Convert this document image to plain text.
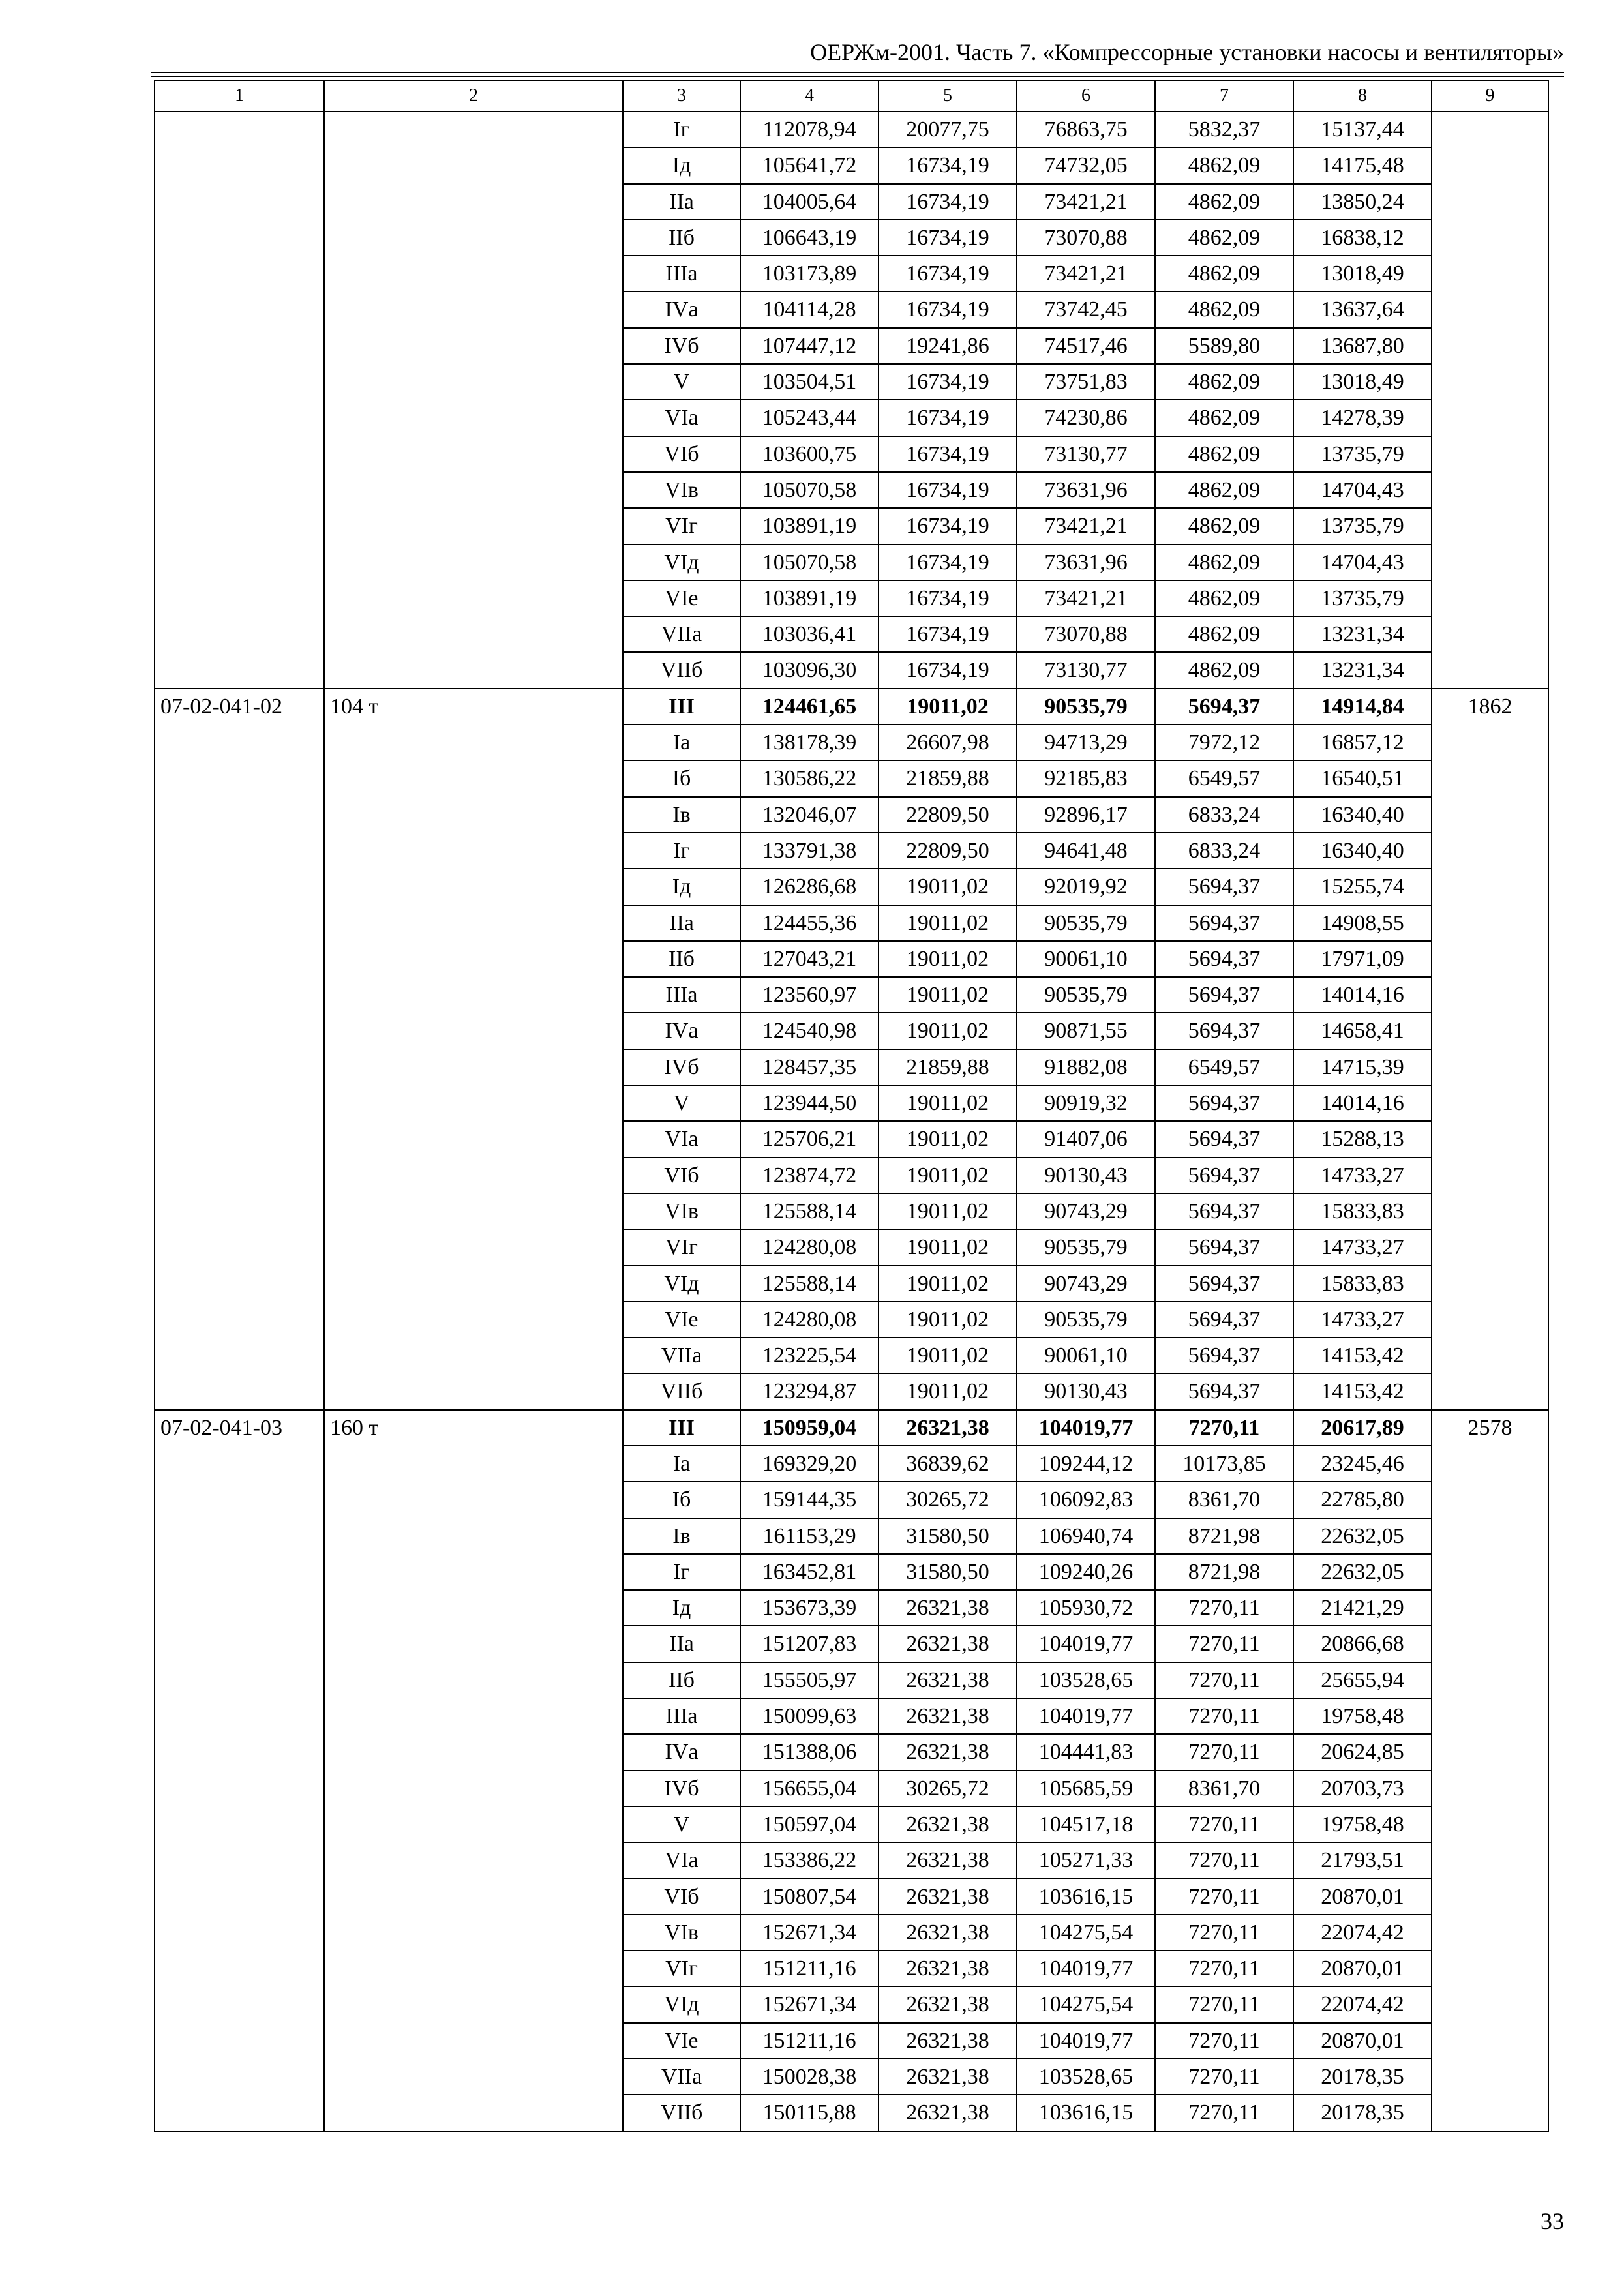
ОЕРЖм-2001. Часть 7. «Компрессорные установки насосы и вентиляторы»
1	2	3	4	5	6	7	8	9
		Iг	112078,94	20077,75	76863,75	5832,37	15137,44	
		Iд	105641,72	16734,19	74732,05	4862,09	14175,48	
		IIа	104005,64	16734,19	73421,21	4862,09	13850,24	
		IIб	106643,19	16734,19	73070,88	4862,09	16838,12	
		IIIа	103173,89	16734,19	73421,21	4862,09	13018,49	
		IVа	104114,28	16734,19	73742,45	4862,09	13637,64	
		IVб	107447,12	19241,86	74517,46	5589,80	13687,80	
		V	103504,51	16734,19	73751,83	4862,09	13018,49	
		VIа	105243,44	16734,19	74230,86	4862,09	14278,39	
		VIб	103600,75	16734,19	73130,77	4862,09	13735,79	
		VIв	105070,58	16734,19	73631,96	4862,09	14704,43	
		VIг	103891,19	16734,19	73421,21	4862,09	13735,79	
		VIд	105070,58	16734,19	73631,96	4862,09	14704,43	
		VIе	103891,19	16734,19	73421,21	4862,09	13735,79	
		VIIа	103036,41	16734,19	73070,88	4862,09	13231,34	
		VIIб	103096,30	16734,19	73130,77	4862,09	13231,34	
07-02-041-02	104 т	III	124461,65	19011,02	90535,79	5694,37	14914,84	1862
		Iа	138178,39	26607,98	94713,29	7972,12	16857,12	
		Iб	130586,22	21859,88	92185,83	6549,57	16540,51	
		Iв	132046,07	22809,50	92896,17	6833,24	16340,40	
		Iг	133791,38	22809,50	94641,48	6833,24	16340,40	
		Iд	126286,68	19011,02	92019,92	5694,37	15255,74	
		IIа	124455,36	19011,02	90535,79	5694,37	14908,55	
		IIб	127043,21	19011,02	90061,10	5694,37	17971,09	
		IIIа	123560,97	19011,02	90535,79	5694,37	14014,16	
		IVа	124540,98	19011,02	90871,55	5694,37	14658,41	
		IVб	128457,35	21859,88	91882,08	6549,57	14715,39	
		V	123944,50	19011,02	90919,32	5694,37	14014,16	
		VIа	125706,21	19011,02	91407,06	5694,37	15288,13	
		VIб	123874,72	19011,02	90130,43	5694,37	14733,27	
		VIв	125588,14	19011,02	90743,29	5694,37	15833,83	
		VIг	124280,08	19011,02	90535,79	5694,37	14733,27	
		VIд	125588,14	19011,02	90743,29	5694,37	15833,83	
		VIе	124280,08	19011,02	90535,79	5694,37	14733,27	
		VIIа	123225,54	19011,02	90061,10	5694,37	14153,42	
		VIIб	123294,87	19011,02	90130,43	5694,37	14153,42	
07-02-041-03	160 т	III	150959,04	26321,38	104019,77	7270,11	20617,89	2578
		Iа	169329,20	36839,62	109244,12	10173,85	23245,46	
		Iб	159144,35	30265,72	106092,83	8361,70	22785,80	
		Iв	161153,29	31580,50	106940,74	8721,98	22632,05	
		Iг	163452,81	31580,50	109240,26	8721,98	22632,05	
		Iд	153673,39	26321,38	105930,72	7270,11	21421,29	
		IIа	151207,83	26321,38	104019,77	7270,11	20866,68	
		IIб	155505,97	26321,38	103528,65	7270,11	25655,94	
		IIIа	150099,63	26321,38	104019,77	7270,11	19758,48	
		IVа	151388,06	26321,38	104441,83	7270,11	20624,85	
		IVб	156655,04	30265,72	105685,59	8361,70	20703,73	
		V	150597,04	26321,38	104517,18	7270,11	19758,48	
		VIа	153386,22	26321,38	105271,33	7270,11	21793,51	
		VIб	150807,54	26321,38	103616,15	7270,11	20870,01	
		VIв	152671,34	26321,38	104275,54	7270,11	22074,42	
		VIг	151211,16	26321,38	104019,77	7270,11	20870,01	
		VIд	152671,34	26321,38	104275,54	7270,11	22074,42	
		VIе	151211,16	26321,38	104019,77	7270,11	20870,01	
		VIIа	150028,38	26321,38	103528,65	7270,11	20178,35	
		VIIб	150115,88	26321,38	103616,15	7270,11	20178,35	
33
